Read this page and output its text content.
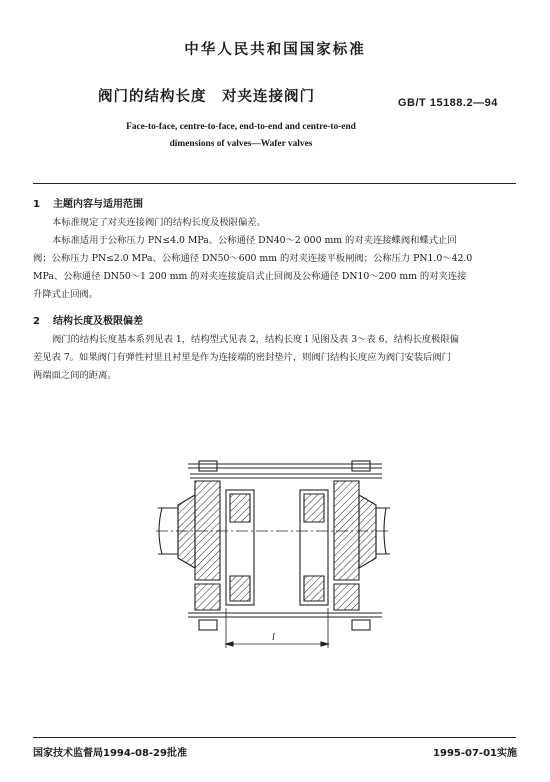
中华人民共和国国家标准
阀门的结构长度　对夹连接阀门	GB/T 15188.2—94
Face-to-face, centre-to-face, end-to-end and centre-to-end
dimensions of valves—Wafer valves
1 主题内容与适用范围

本标准规定了对夹连接阀门的结构长度及极限偏差。

本标准适用于公称压力 PN≤4.0 MPa、公称通径 DN40～2 000 mm 的对夹连接蝶阀和蝶式止回
阀；公称压力 PN≤2.0 MPa、公称通径 DN50～600 mm 的对夹连接平板闸阀；公称压力 PN1.0～42.0
MPa、公称通径 DN50～1 200 mm 的对夹连接旋启式止回阀及公称通径 DN10～200 mm 的对夹连接
升降式止回阀。

2 结构长度及极限偏差

阀门的结构长度基本系列见表 1，结构型式见表 2，结构长度 l 见图及表 3～表 6，结构长度极限偏
差见表 7。如果阀门有弹性衬里且衬里是作为连接端的密封垫片，则阀门结构长度应为阀门安装后阀门
两端面之间的距离。

l
国家技术监督局1994-08-29批准	1995-07-01实施
